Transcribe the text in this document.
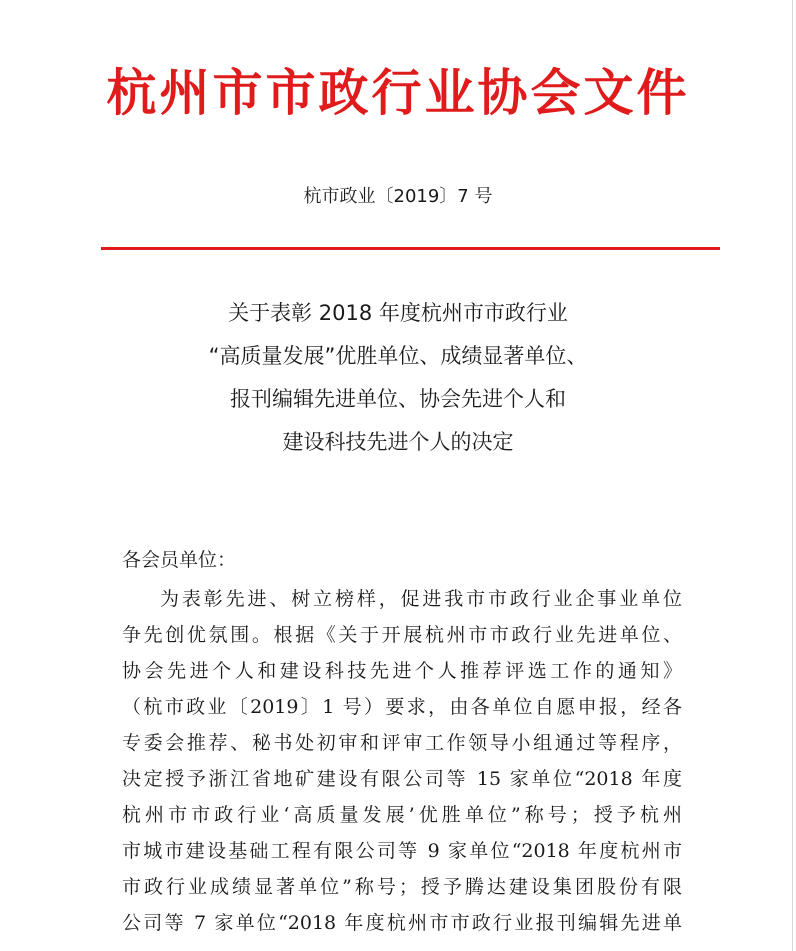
杭州市市政行业协会文件
杭市政业〔2019〕7 号
关于表彰 2018 年度杭州市市政行业
“高质量发展”优胜单位、成绩显著单位、
报刊编辑先进单位、协会先进个人和
建设科技先进个人的决定
各会员单位：
为表彰先进、树立榜样，促进我市市政行业企事业单位
争先创优氛围。根据《关于开展杭州市市政行业先进单位、
协会先进个人和建设科技先进个人推荐评选工作的通知》
（杭市政业〔2019〕1 号）要求，由各单位自愿申报，经各
专委会推荐、秘书处初审和评审工作领导小组通过等程序，
决定授予浙江省地矿建设有限公司等 15 家单位“2018 年度
杭州市市政行业‘高质量发展’优胜单位”称号；授予杭州
市城市建设基础工程有限公司等 9 家单位“2018 年度杭州市
市政行业成绩显著单位”称号；授予腾达建设集团股份有限
公司等 7 家单位“2018 年度杭州市市政行业报刊编辑先进单
